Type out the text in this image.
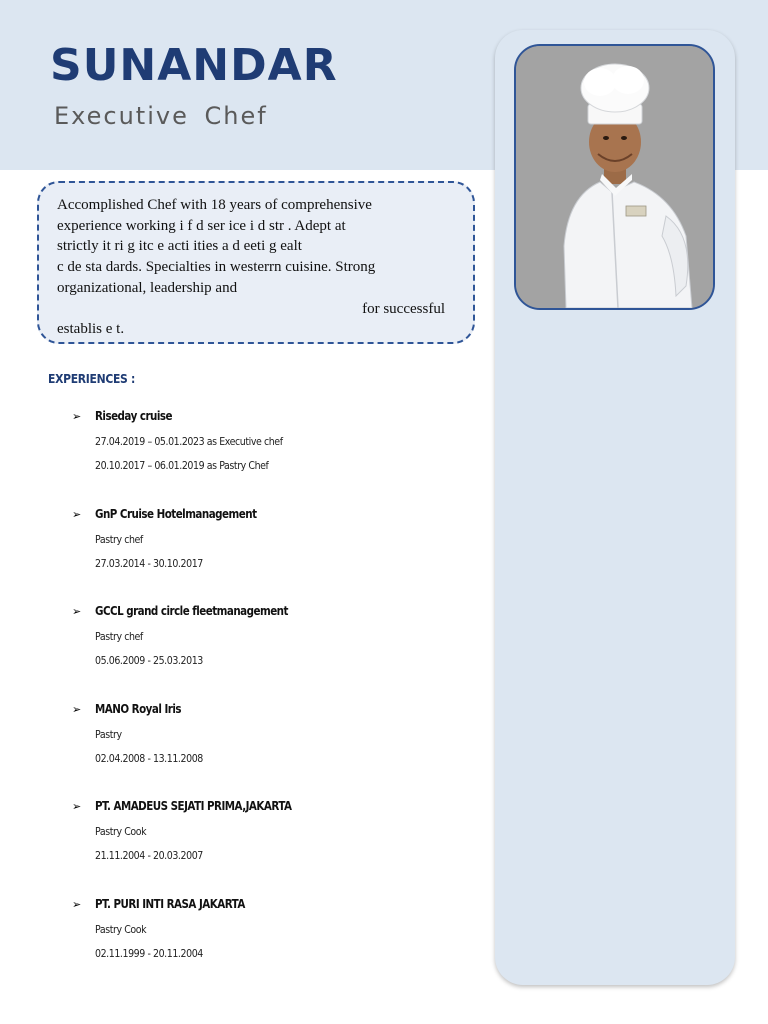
SUNANDAR
Executive Chef

Accomplished Chef with 18 years of comprehensive
experience working i f d ser ice i d str . Adept at
strictly it ri g itc e acti ities a d eeti g ealt
c de sta dards. Specialties in westerrn cuisine. Strong
organizational, leadership and
for successful
establis e t.

EXPERIENCES :
➢ Riseday cruise
27.04.2019 – 05.01.2023 as Executive chef
20.10.2017 – 06.01.2019 as Pastry Chef
➢ GnP Cruise Hotelmanagement
Pastry chef
27.03.2014 - 30.10.2017
➢ GCCL grand circle fleetmanagement
Pastry chef
05.06.2009 - 25.03.2013
➢ MANO Royal Iris
Pastry
02.04.2008 - 13.11.2008
➢ PT. AMADEUS SEJATI PRIMA,JAKARTA
Pastry Cook
21.11.2004 - 20.03.2007
➢ PT. PURI INTI RASA JAKARTA
Pastry Cook
02.11.1999 - 20.11.2004
